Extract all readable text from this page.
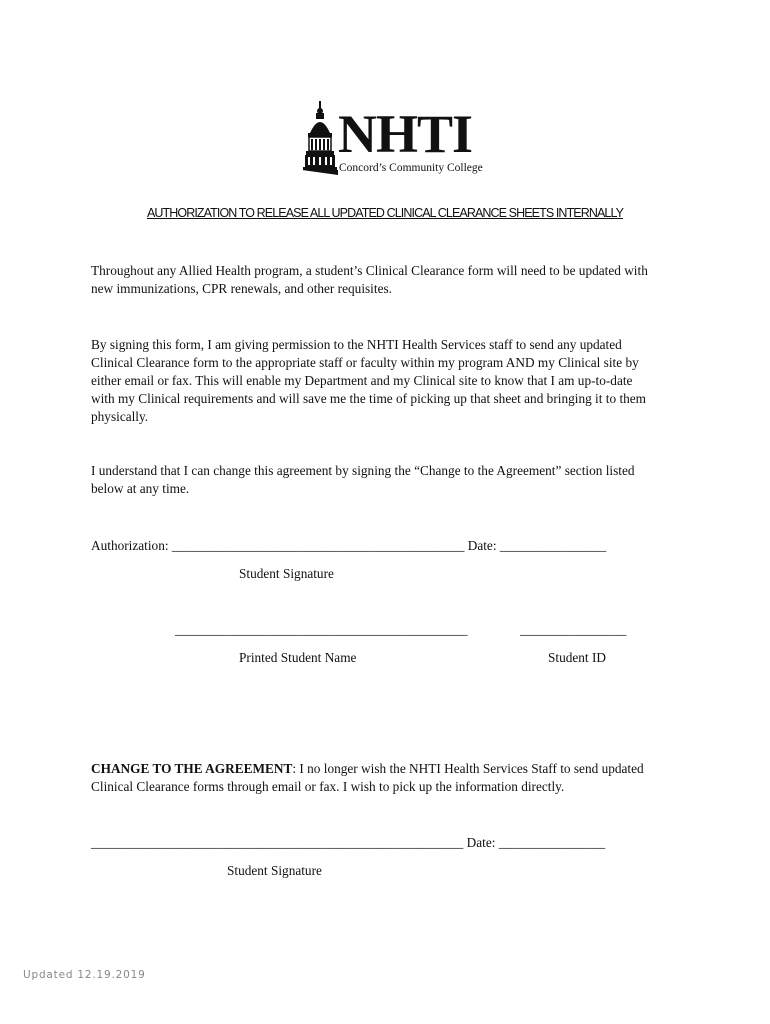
NHTI
Concord’s Community College
AUTHORIZATION TO RELEASE ALL UPDATED CLINICAL CLEARANCE SHEETS INTERNALLY

Throughout any Allied Health program, a student’s Clinical Clearance form will need to be updated with
new immunizations, CPR renewals, and other requisites.

By signing this form, I am giving permission to the NHTI Health Services staff to send any updated
Clinical Clearance form to the appropriate staff or faculty within my program AND my Clinical site by
either email or fax. This will enable my Department and my Clinical site to know that I am up-to-date
with my Clinical requirements and will save me the time of picking up that sheet and bringing it to them
physically.

I understand that I can change this agreement by signing the “Change to the Agreement” section listed
below at any time.

Authorization: ____________________________________________ Date: ________________
Student Signature
____________________________________________	________________
Printed Student Name	Student ID

CHANGE TO THE AGREEMENT: I no longer wish the NHTI Health Services Staff to send updated
Clinical Clearance forms through email or fax. I wish to pick up the information directly.

________________________________________________________ Date: ________________
Student Signature
Updated 12.19.2019
